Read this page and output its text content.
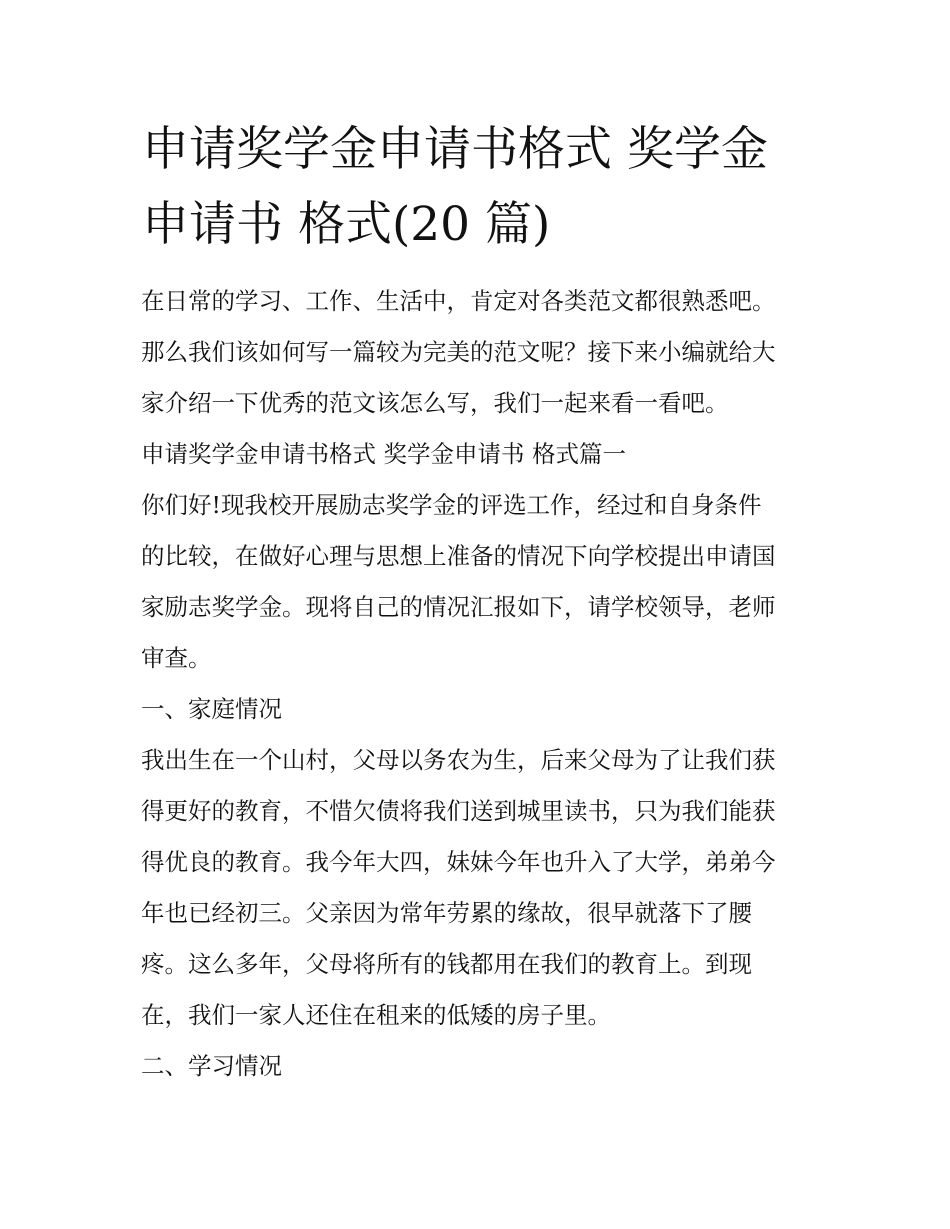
申请奖学金申请书格式 奖学金
申请书 格式(20 篇)
在日常的学习、工作、生活中，肯定对各类范文都很熟悉吧。
那么我们该如何写一篇较为完美的范文呢？接下来小编就给大
家介绍一下优秀的范文该怎么写，我们一起来看一看吧。
申请奖学金申请书格式 奖学金申请书 格式篇一
你们好!现我校开展励志奖学金的评选工作，经过和自身条件
的比较，在做好心理与思想上准备的情况下向学校提出申请国
家励志奖学金。现将自己的情况汇报如下，请学校领导，老师
审查。
一、家庭情况
我出生在一个山村，父母以务农为生，后来父母为了让我们获
得更好的教育，不惜欠债将我们送到城里读书，只为我们能获
得优良的教育。我今年大四，妹妹今年也升入了大学，弟弟今
年也已经初三。父亲因为常年劳累的缘故，很早就落下了腰
疼。这么多年，父母将所有的钱都用在我们的教育上。到现
在，我们一家人还住在租来的低矮的房子里。
二、学习情况
